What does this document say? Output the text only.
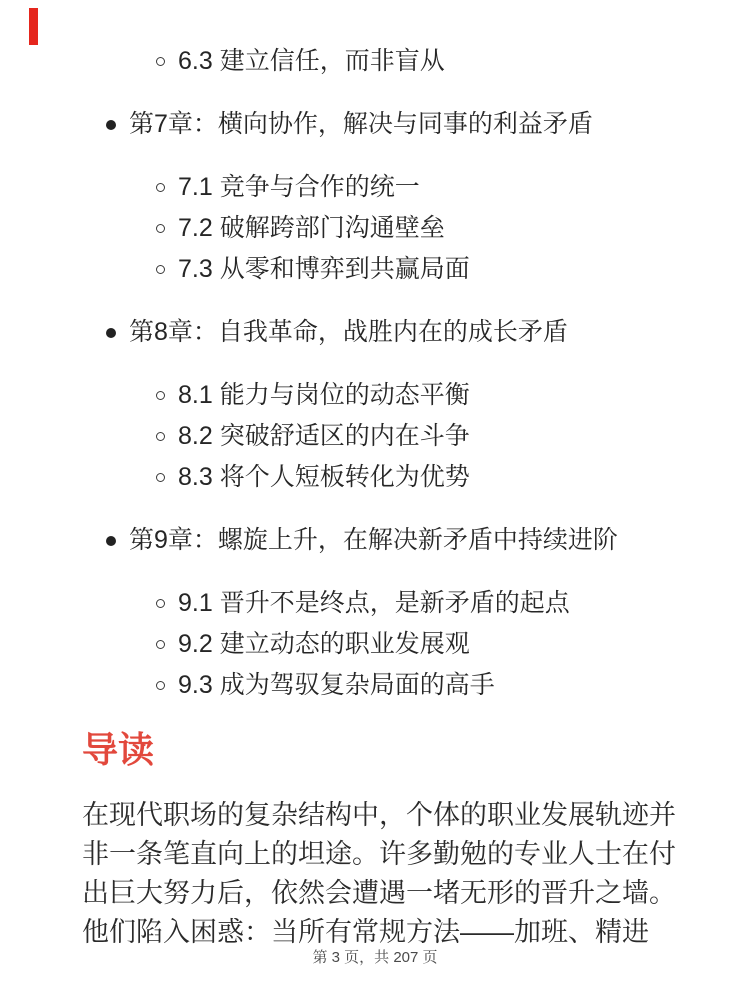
6.3 建立信任，而非盲从
第7章：横向协作，解决与同事的利益矛盾
7.1 竞争与合作的统一
7.2 破解跨部门沟通壁垒
7.3 从零和博弈到共赢局面
第8章：自我革命，战胜内在的成长矛盾
8.1 能力与岗位的动态平衡
8.2 突破舒适区的内在斗争
8.3 将个人短板转化为优势
第9章：螺旋上升，在解决新矛盾中持续进阶
9.1 晋升不是终点，是新矛盾的起点
9.2 建立动态的职业发展观
9.3 成为驾驭复杂局面的高手
导读
在现代职场的复杂结构中，个体的职业发展轨迹并
非一条笔直向上的坦途。许多勤勉的专业人士在付
出巨大努力后，依然会遭遇一堵无形的晋升之墙。
他们陷入困惑：当所有常规方法——加班、精进
第 3 页，共 207 页
